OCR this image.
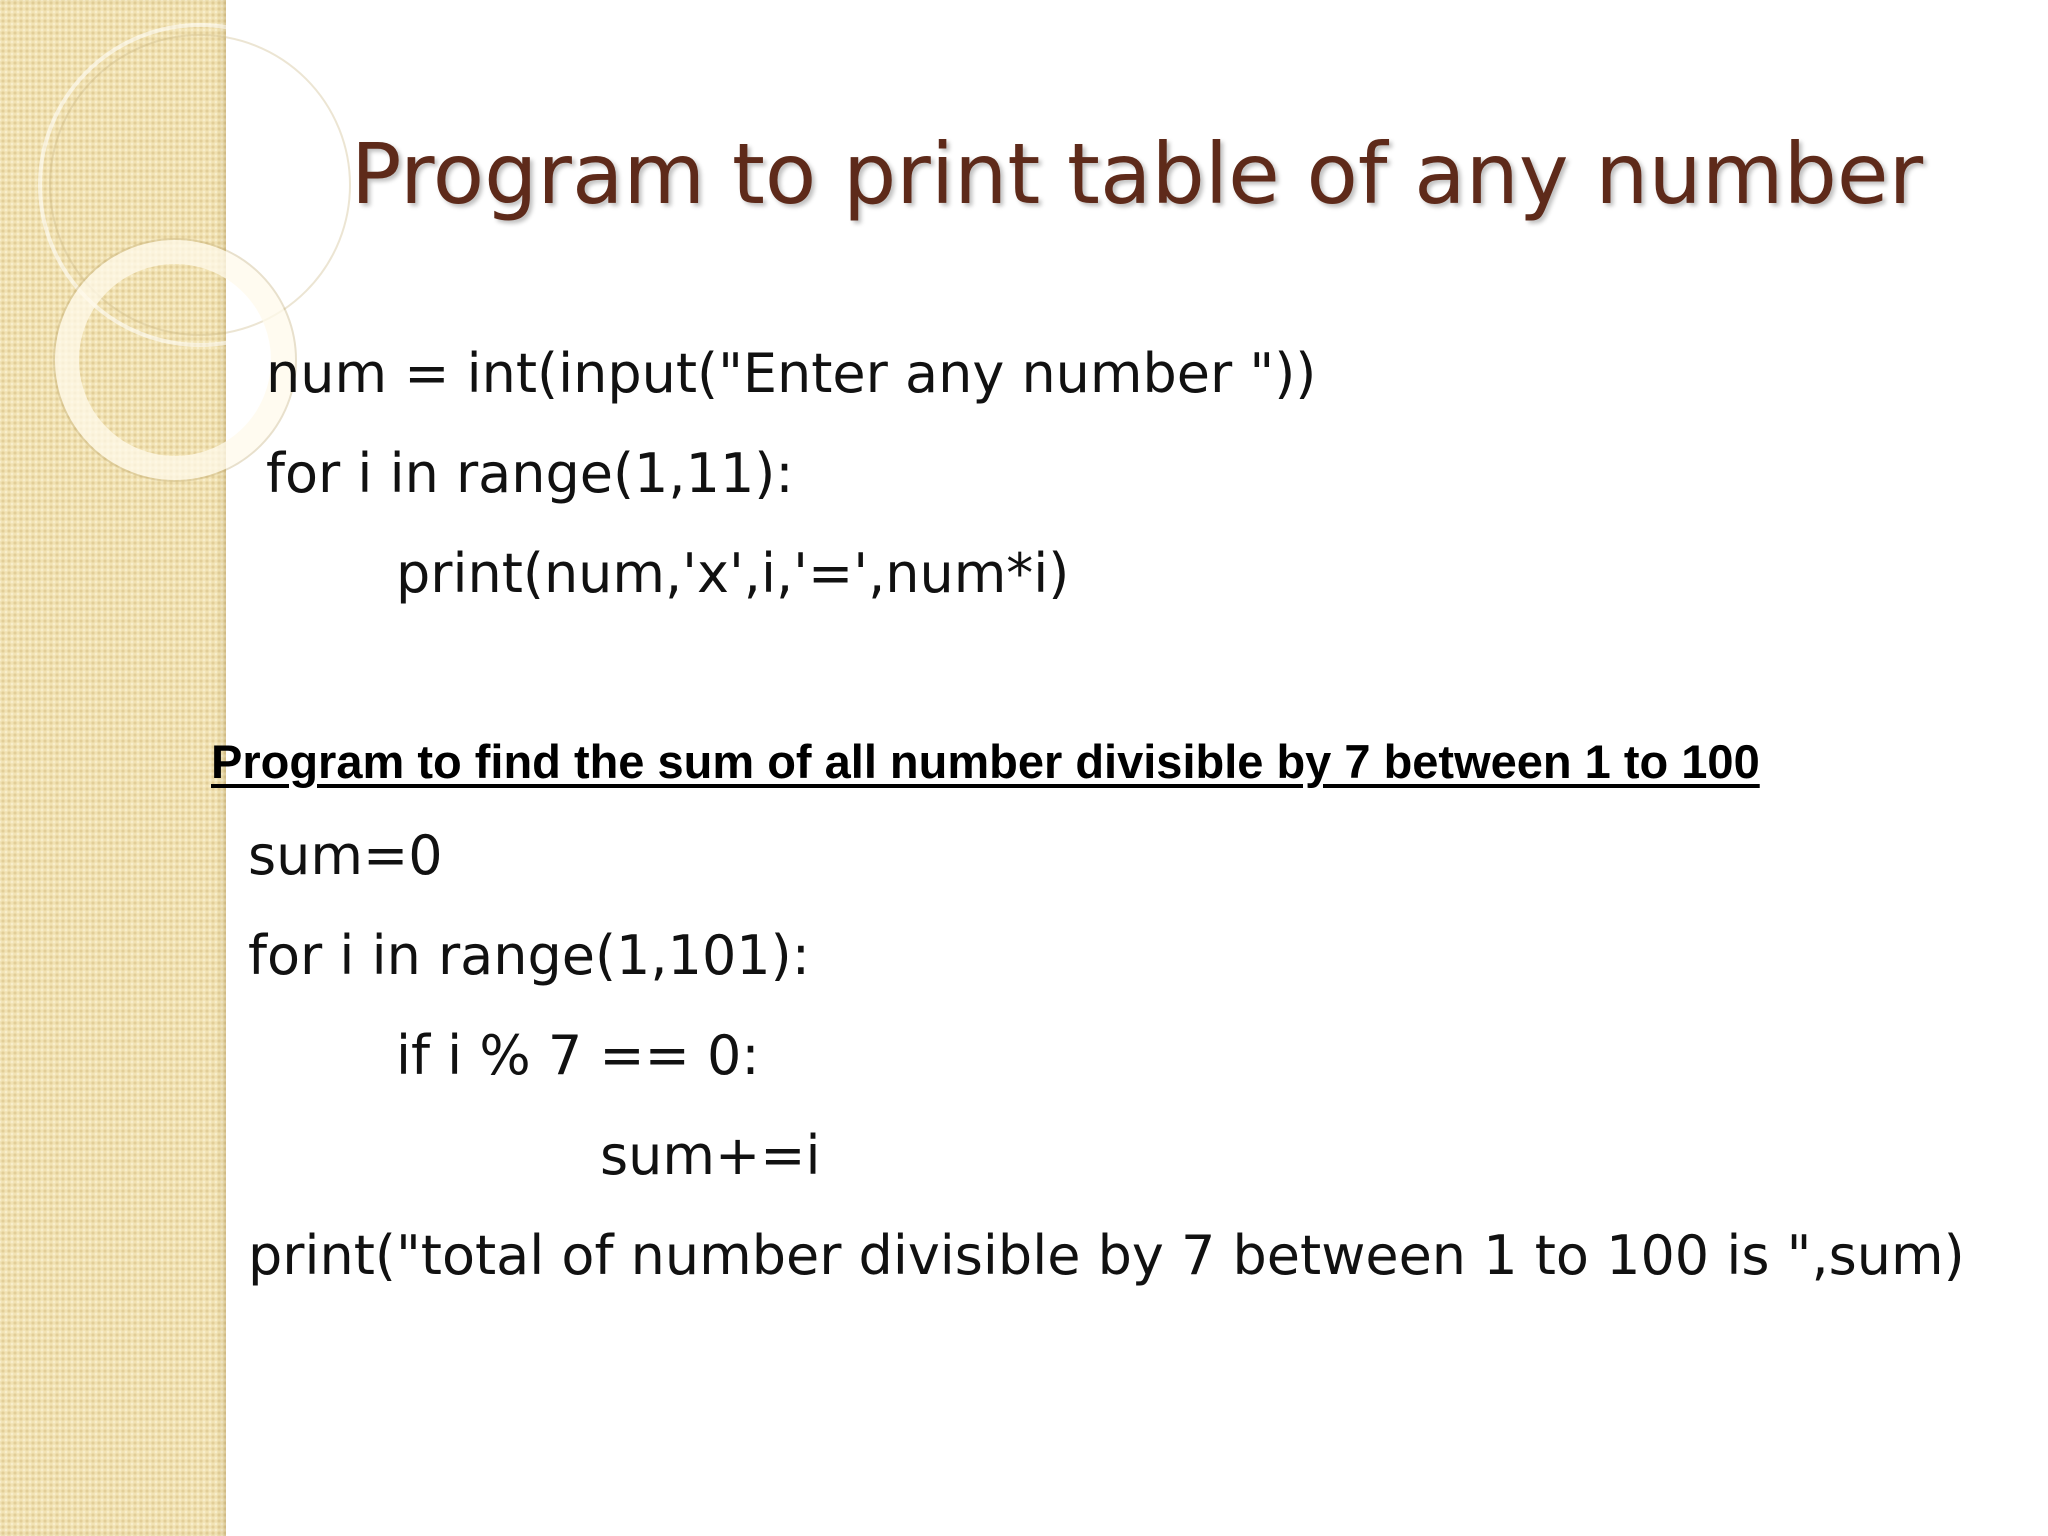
Program to print table of any number

num = int(input("Enter any number "))

for i in range(1,11):

print(num,'x',i,'=',num*i)

Program to find the sum of all number divisible by 7 between 1 to 100

sum=0

for i in range(1,101):

if i % 7 == 0:

sum+=i

print("total of number divisible by 7 between 1 to 100 is ",sum)
